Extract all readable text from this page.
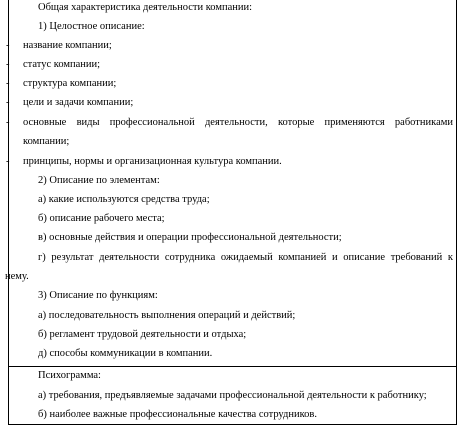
Общая характеристика деятельности компании:
1) Целостное описание:
- название компании;
- статус компании;
- структура компании;
- цели и задачи компании;
- основные виды профессиональной деятельности, которые применяются работниками
компании;
- принципы, нормы и организационная культура компании.
2) Описание по элементам:
а) какие используются средства труда;
б) описание рабочего места;
в) основные действия и операции профессиональной деятельности;
г) результат деятельности сотрудника ожидаемый компанией и описание требований к
нему.
3) Описание по функциям:
а) последовательность выполнения операций и действий;
б) регламент трудовой деятельности и отдыха;
д) способы коммуникации в компании.
Психограмма:
а) требования, предъявляемые задачами профессиональной деятельности к работнику;
б) наиболее важные профессиональные качества сотрудников.
